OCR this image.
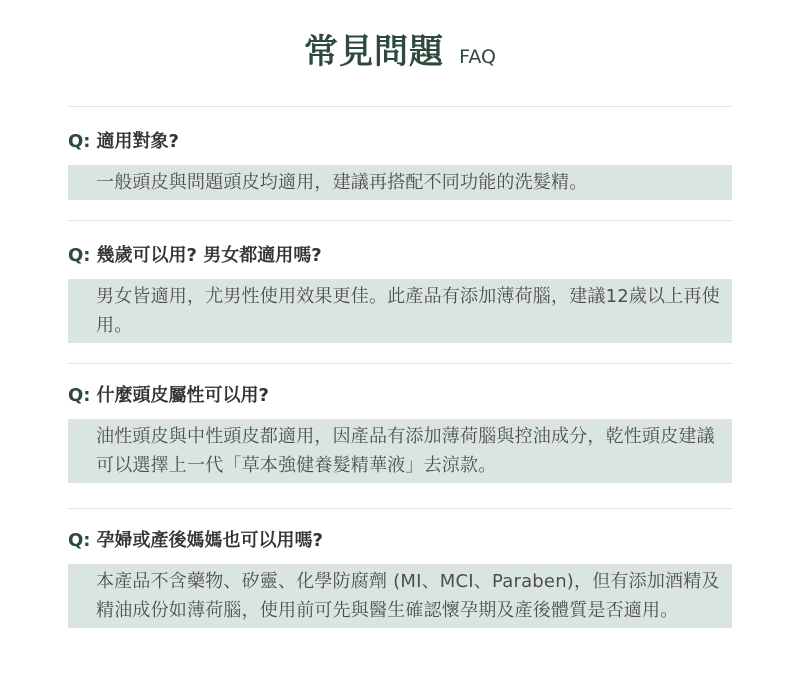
常見問題 FAQ
Q: 適用對象?
一般頭皮與問題頭皮均適用，建議再搭配不同功能的洗髮精。
Q: 幾歲可以用? 男女都適用嗎?
男女皆適用，尤男性使用效果更佳。此產品有添加薄荷腦，建議12歲以上再使用。
Q: 什麼頭皮屬性可以用?
油性頭皮與中性頭皮都適用，因產品有添加薄荷腦與控油成分，乾性頭皮建議可以選擇上一代「草本強健養髮精華液」去涼款。
Q: 孕婦或產後媽媽也可以用嗎?
本產品不含藥物、矽靈、化學防腐劑 (MI、MCI、Paraben)，但有添加酒精及精油成份如薄荷腦，使用前可先與醫生確認懷孕期及產後體質是否適用。
